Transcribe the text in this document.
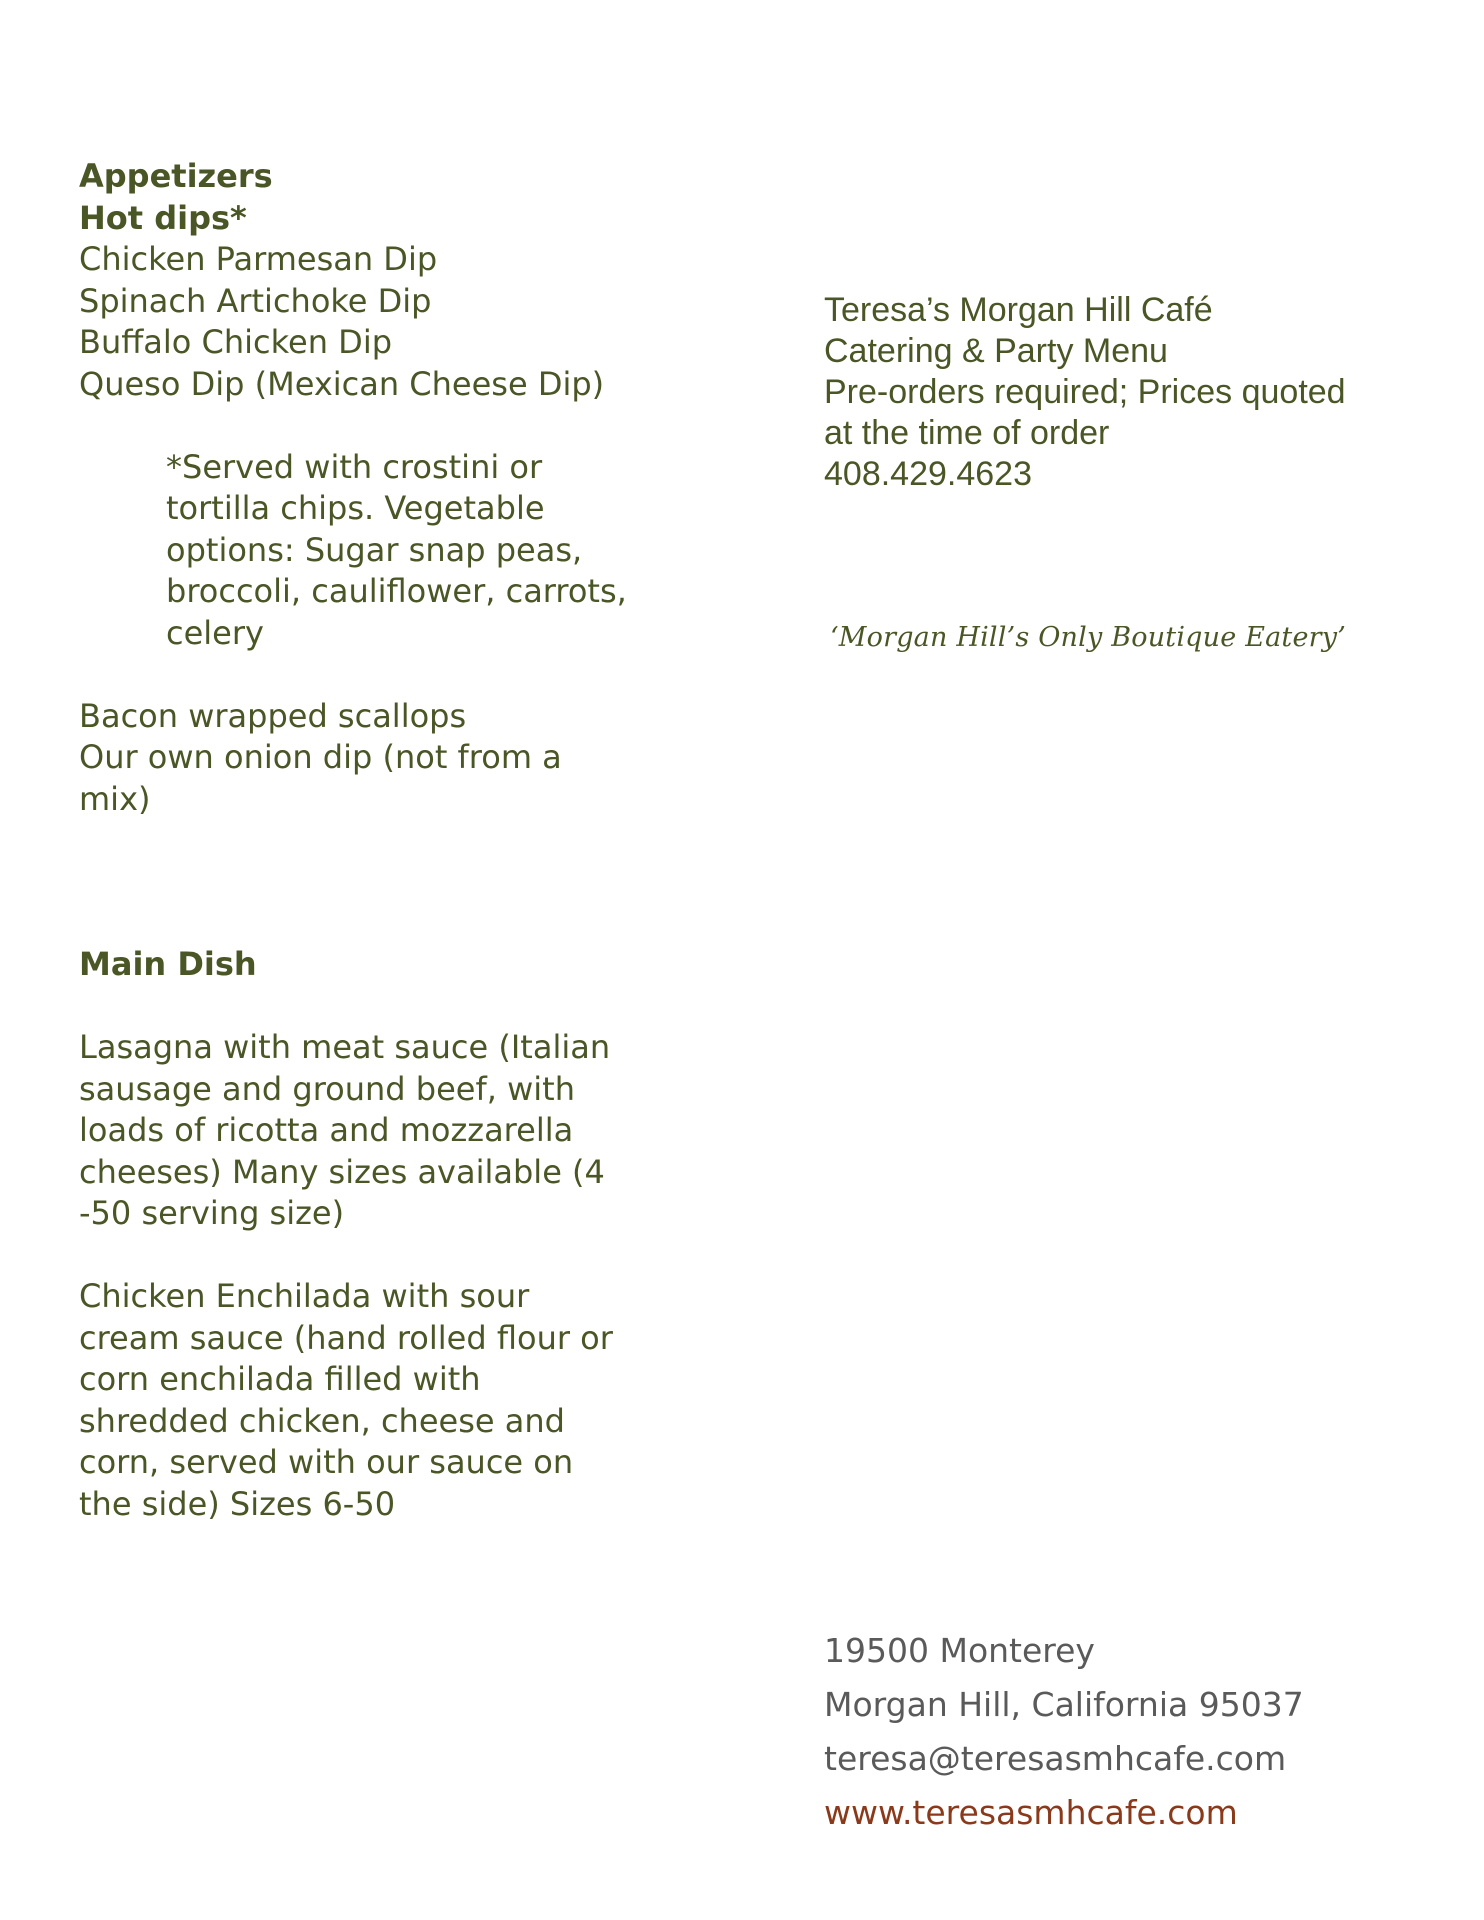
Appetizers
Hot dips*
Chicken Parmesan Dip
Spinach Artichoke Dip
Buffalo Chicken Dip
Queso Dip (Mexican Cheese Dip)
*Served with crostini or
tortilla chips. Vegetable
options: Sugar snap peas,
broccoli, cauliflower, carrots,
celery
Bacon wrapped scallops
Our own onion dip (not from a
mix)
Main Dish
Lasagna with meat sauce (Italian
sausage and ground beef, with
loads of ricotta and mozzarella
cheeses) Many sizes available (4
-50 serving size)
Chicken Enchilada with sour
cream sauce (hand rolled flour or
corn enchilada filled with
shredded chicken, cheese and
corn, served with our sauce on
the side) Sizes 6-50
Teresa’s Morgan Hill Café
Catering & Party Menu
Pre-orders required; Prices quoted
at the time of order
408.429.4623
‘Morgan Hill’s Only Boutique Eatery’
19500 Monterey
Morgan Hill, California 95037
teresa@teresasmhcafe.com
www.teresasmhcafe.com
